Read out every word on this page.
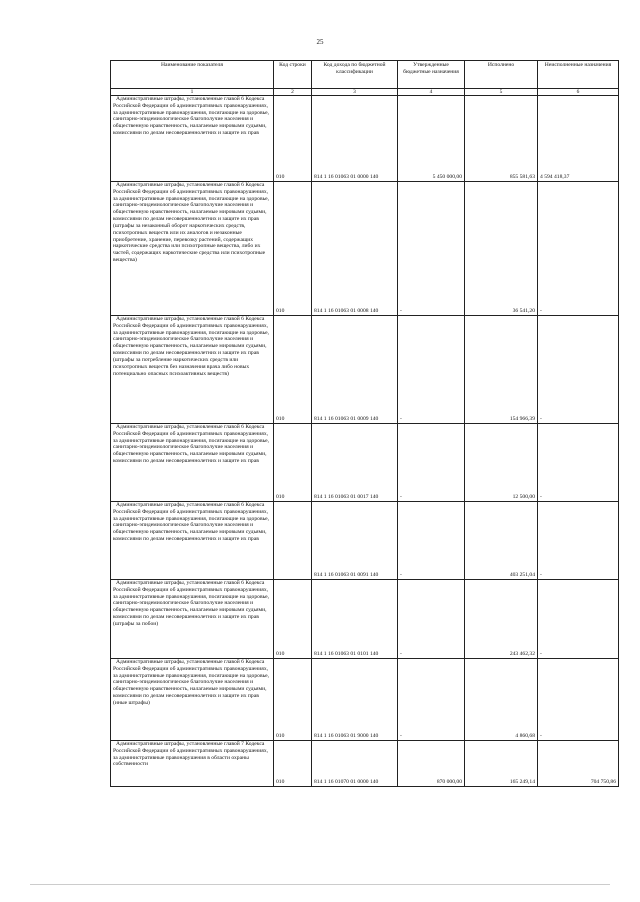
25
Наименование показателя	Код строки	Код дохода по бюджетной классификации	Утвержденные бюджетные назначения	Исполнено	Неисполненные назначения
1	2	3	4	5	6
Административные штрафы, установленные главой 6 Кодекса Российской Федерации об административных правонарушениях, за административные правонарушения, посягающие на здоровье, санитарно-эпидемиологическое благополучие населения и общественную нравственность, налагаемые мировыми судьями, комиссиями по делам несовершеннолетних и защите их прав	010	814 1 16 01063 01 0000 140	5 450 000,00	855 581,63	4 594 418,37
Административные штрафы, установленные главой 6 Кодекса Российской Федерации об административных правонарушениях, за административные правонарушения, посягающие на здоровье, санитарно-эпидемиологическое благополучие населения и общественную нравственность, налагаемые мировыми судьями, комиссиями по делам несовершеннолетних и защите их прав (штрафы за незаконный оборот наркотических средств, психотропных веществ или их аналогов и незаконные приобретение, хранение, перевозку растений, содержащих наркотические средства или психотропные вещества, либо их частей, содержащих наркотические средства или психотропные вещества)	010	814 1 16 01063 01 0008 140	-	36 541,20	-
Административные штрафы, установленные главой 6 Кодекса Российской Федерации об административных правонарушениях, за административные правонарушения, посягающие на здоровье, санитарно-эпидемиологическое благополучие населения и общественную нравственность, налагаемые мировыми судьями, комиссиями по делам несовершеннолетних и защите их прав (штрафы за потребление наркотических средств или психотропных веществ без назначения врача либо новых потенциально опасных психоактивных веществ)	010	814 1 16 01063 01 0009 140	-	154 966,39	-
Административные штрафы, установленные главой 6 Кодекса Российской Федерации об административных правонарушениях, за административные правонарушения, посягающие на здоровье, санитарно-эпидемиологическое благополучие населения и общественную нравственность, налагаемые мировыми судьями, комиссиями по делам несовершеннолетних и защите их прав	010	814 1 16 01063 01 0017 140	-	12 500,00	-
Административные штрафы, установленные главой 6 Кодекса Российской Федерации об административных правонарушениях, за административные правонарушения, посягающие на здоровье, санитарно-эпидемиологическое благополучие населения и общественную нравственность, налагаемые мировыми судьями, комиссиями по делам несовершеннолетних и защите их прав		814 1 16 01063 01 0091 140	-	403 251,04	-
Административные штрафы, установленные главой 6 Кодекса Российской Федерации об административных правонарушениях, за административные правонарушения, посягающие на здоровье, санитарно-эпидемиологическое благополучие населения и общественную нравственность, налагаемые мировыми судьями, комиссиями по делам несовершеннолетних и защите их прав (штрафы за побои)	010	814 1 16 01063 01 0101 140	-	243 462,32	-
Административные штрафы, установленные главой 6 Кодекса Российской Федерации об административных правонарушениях, за административные правонарушения, посягающие на здоровье, санитарно-эпидемиологическое благополучие населения и общественную нравственность, налагаемые мировыми судьями, комиссиями по делам несовершеннолетних и защите их прав (иные штрафы)	010	814 1 16 01063 01 9000 140	-	4 860,68	-
Административные штрафы, установленные главой 7 Кодекса Российской Федерации об административных правонарушениях, за административные правонарушения в области охраны собственности	010	814 1 16 01070 01 0000 140	870 000,00	165 249,14	704 750,86
